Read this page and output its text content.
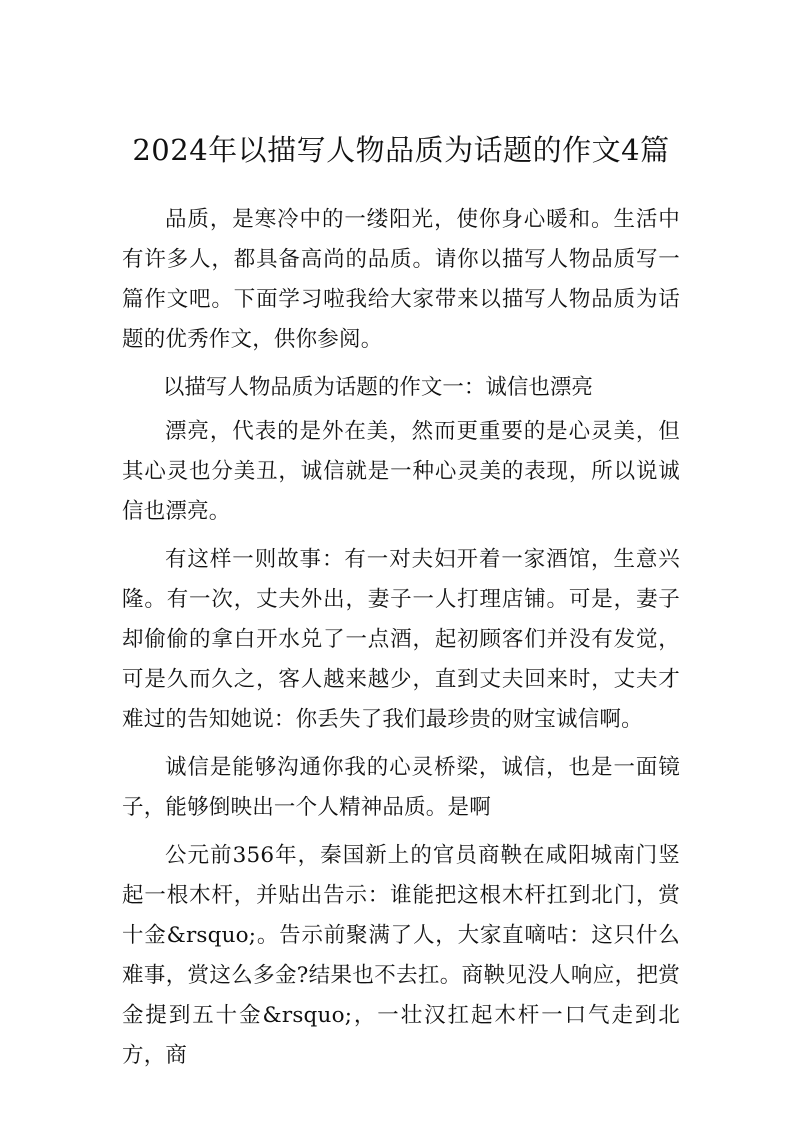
2024年以描写人物品质为话题的作文4篇

品质，是寒冷中的一缕阳光，使你身心暖和。生活中有许多人，都具备高尚的品质。请你以描写人物品质写一篇作文吧。下面学习啦我给大家带来以描写人物品质为话题的优秀作文，供你参阅。

以描写人物品质为话题的作文一：诚信也漂亮

漂亮，代表的是外在美，然而更重要的是心灵美，但其心灵也分美丑，诚信就是一种心灵美的表现，所以说诚信也漂亮。

有这样一则故事：有一对夫妇开着一家酒馆，生意兴隆。有一次，丈夫外出，妻子一人打理店铺。可是，妻子却偷偷的拿白开水兑了一点酒，起初顾客们并没有发觉，可是久而久之，客人越来越少，直到丈夫回来时，丈夫才难过的告知她说：你丢失了我们最珍贵的财宝诚信啊。

诚信是能够沟通你我的心灵桥梁，诚信，也是一面镜子，能够倒映出一个人精神品质。是啊

公元前356年，秦国新上的官员商鞅在咸阳城南门竖起一根木杆，并贴出告示：谁能把这根木杆扛到北门，赏十金&rsquo;。告示前聚满了人，大家直嘀咕：这只什么难事，赏这么多金?结果也不去扛。商鞅见没人响应，把赏金提到五十金&rsquo;，一壮汉扛起木杆一口气走到北方，商
